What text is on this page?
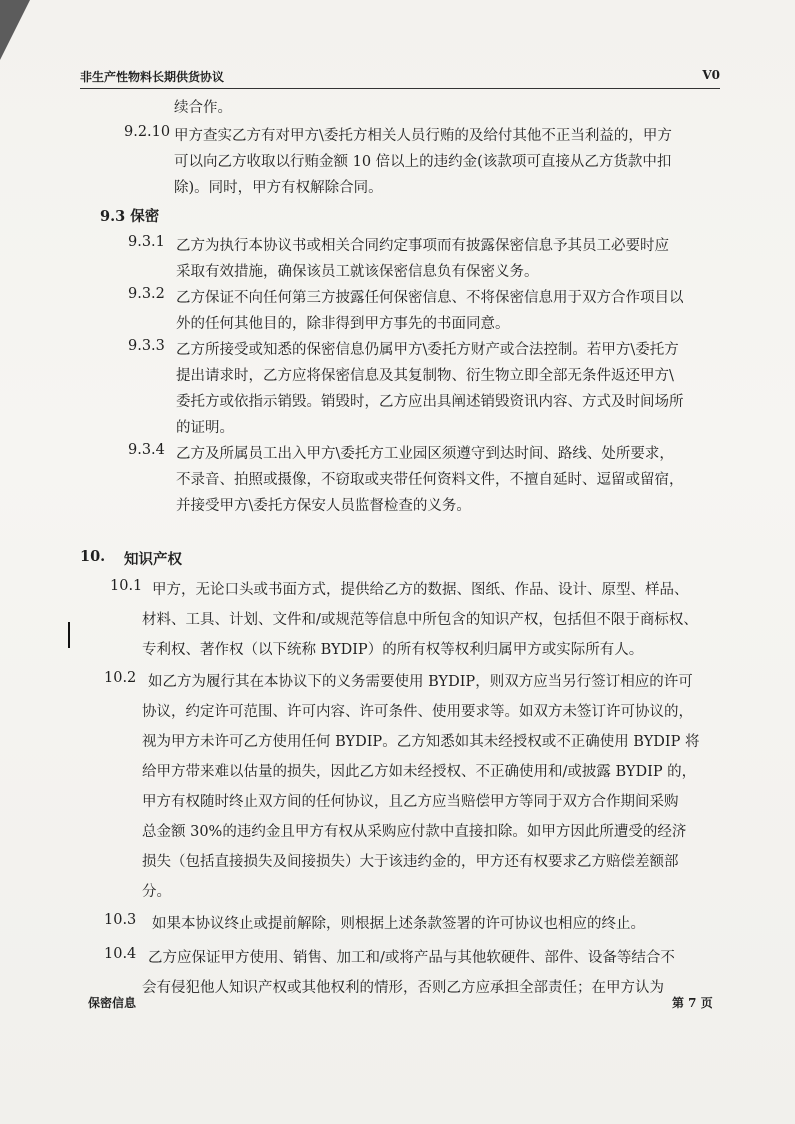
非生产性物料长期供货协议	V0
续合作。
9.2.10 甲方查实乙方有对甲方\委托方相关人员行贿的及给付其他不正当利益的，甲方
可以向乙方收取以行贿金额 10 倍以上的违约金(该款项可直接从乙方货款中扣
除)。同时，甲方有权解除合同。
9.3 保密
9.3.1 乙方为执行本协议书或相关合同约定事项而有披露保密信息予其员工必要时应
采取有效措施，确保该员工就该保密信息负有保密义务。
9.3.2 乙方保证不向任何第三方披露任何保密信息、不将保密信息用于双方合作项目以
外的任何其他目的，除非得到甲方事先的书面同意。
9.3.3 乙方所接受或知悉的保密信息仍属甲方\委托方财产或合法控制。若甲方\委托方
提出请求时，乙方应将保密信息及其复制物、衍生物立即全部无条件返还甲方\
委托方或依指示销毁。销毁时，乙方应出具阐述销毁资讯内容、方式及时间场所
的证明。
9.3.4 乙方及所属员工出入甲方\委托方工业园区须遵守到达时间、路线、处所要求，
不录音、拍照或摄像，不窃取或夹带任何资料文件，不擅自延时、逗留或留宿，
并接受甲方\委托方保安人员监督检查的义务。
10. 知识产权
10.1 甲方，无论口头或书面方式，提供给乙方的数据、图纸、作品、设计、原型、样品、
材料、工具、计划、文件和/或规范等信息中所包含的知识产权，包括但不限于商标权、
专利权、著作权（以下统称 BYDIP）的所有权等权利归属甲方或实际所有人。
10.2 如乙方为履行其在本协议下的义务需要使用 BYDIP，则双方应当另行签订相应的许可
协议，约定许可范围、许可内容、许可条件、使用要求等。如双方未签订许可协议的，
视为甲方未许可乙方使用任何 BYDIP。乙方知悉如其未经授权或不正确使用 BYDIP 将
给甲方带来难以估量的损失，因此乙方如未经授权、不正确使用和/或披露 BYDIP 的，
甲方有权随时终止双方间的任何协议，且乙方应当赔偿甲方等同于双方合作期间采购
总金额 30%的违约金且甲方有权从采购应付款中直接扣除。如甲方因此所遭受的经济
损失（包括直接损失及间接损失）大于该违约金的，甲方还有权要求乙方赔偿差额部
分。
10.3 如果本协议终止或提前解除，则根据上述条款签署的许可协议也相应的终止。
10.4 乙方应保证甲方使用、销售、加工和/或将产品与其他软硬件、部件、设备等结合不
会有侵犯他人知识产权或其他权利的情形，否则乙方应承担全部责任；在甲方认为
保密信息	第 7 页
